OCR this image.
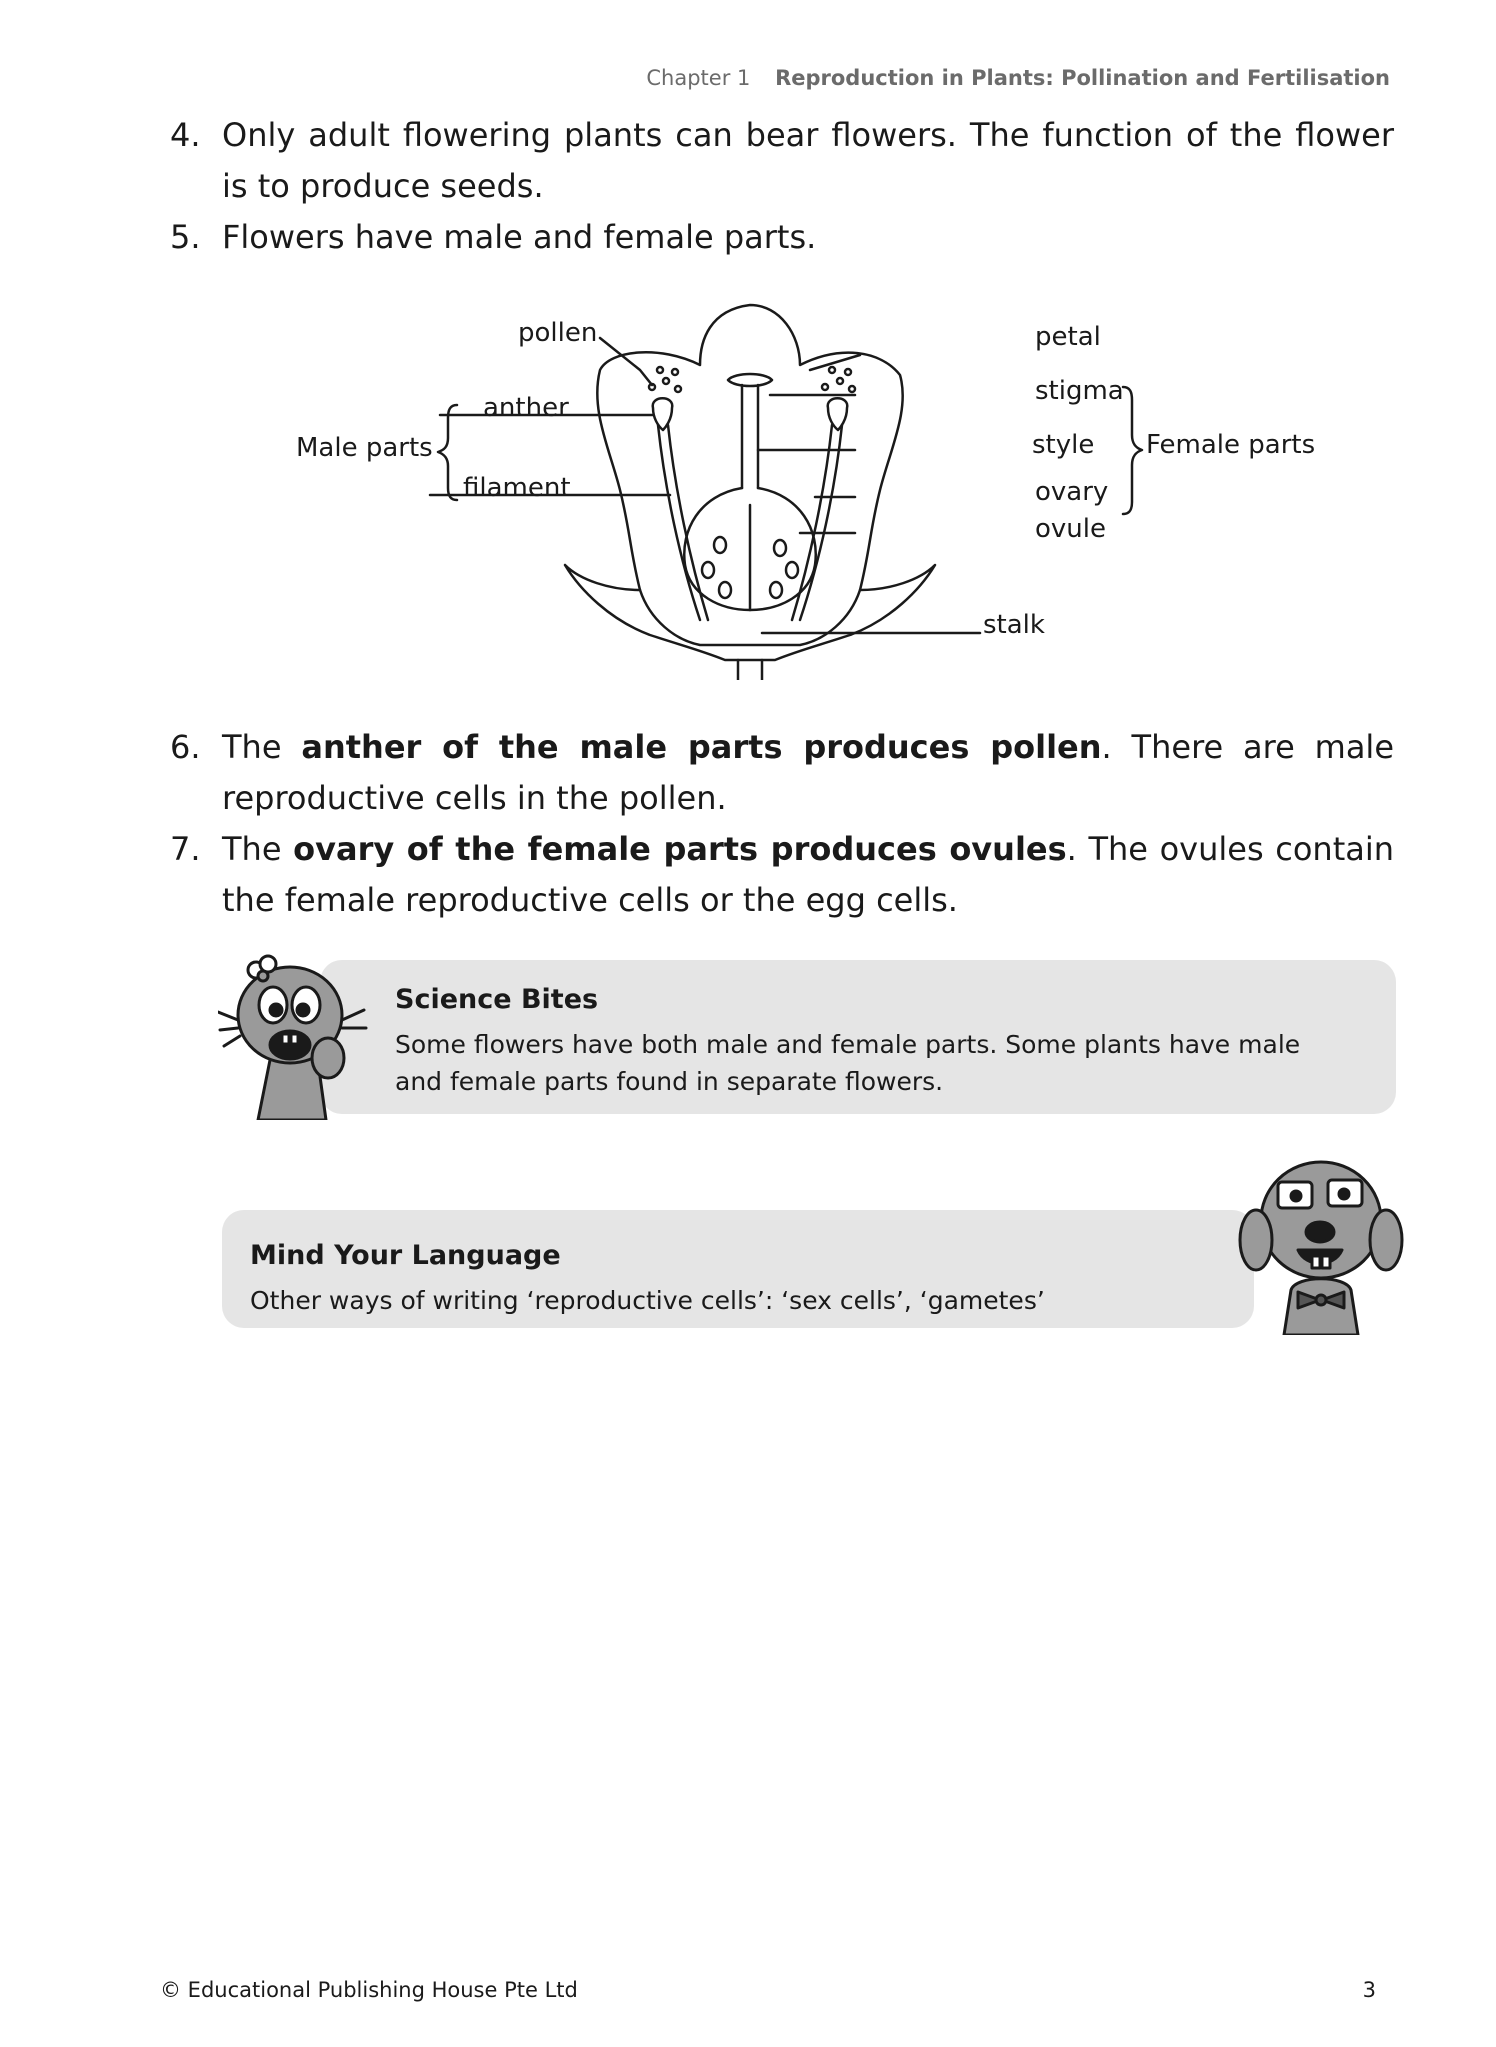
Chapter 1 Reproduction in Plants: Pollination and Fertilisation
4. Only adult flowering plants can bear flowers. The function of the flower is to produce seeds.
5. Flowers have male and female parts.
pollen
anther
filament
Male parts
petal
stigma
style
ovary
ovule
Female parts
stalk
6. The anther of the male parts produces pollen. There are male reproductive cells in the pollen.
7. The ovary of the female parts produces ovules. The ovules contain the female reproductive cells or the egg cells.
Science Bites
Some flowers have both male and female parts. Some plants have male
and female parts found in separate flowers.
Mind Your Language
Other ways of writing ‘reproductive cells’: ‘sex cells’, ‘gametes’
© Educational Publishing House Pte Ltd	3
